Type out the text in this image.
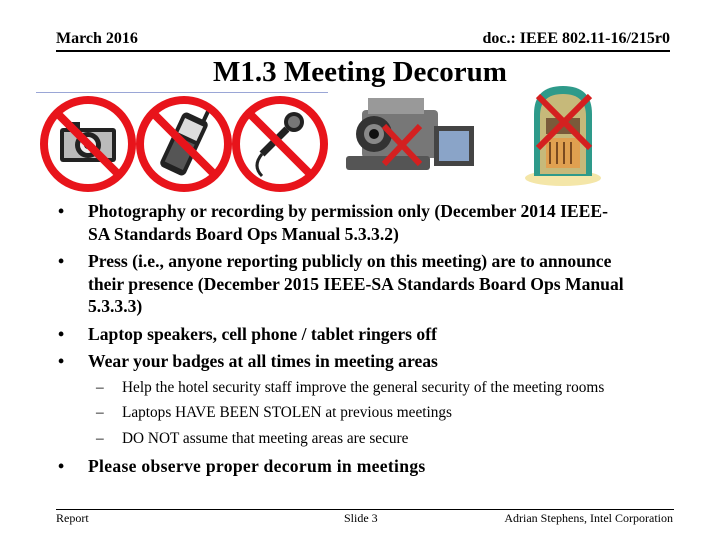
March 2016	doc.: IEEE 802.11-16/215r0
M1.3 Meeting Decorum
•	Photography or recording by permission only (December 2014 IEEE-SA Standards Board Ops Manual 5.3.3.2)
•	Press (i.e., anyone reporting publicly on this meeting) are to announce their presence (December 2015 IEEE-SA Standards Board Ops Manual 5.3.3.3)
•	Laptop speakers, cell phone / tablet ringers off
•	Wear your badges at all times in meeting areas
–	Help the hotel security staff improve the general security of the meeting rooms
–	Laptops HAVE BEEN STOLEN at previous meetings
–	DO NOT assume that meeting areas are secure
•	Please observe proper decorum in meetings
Report	Slide 3	Adrian Stephens, Intel Corporation
